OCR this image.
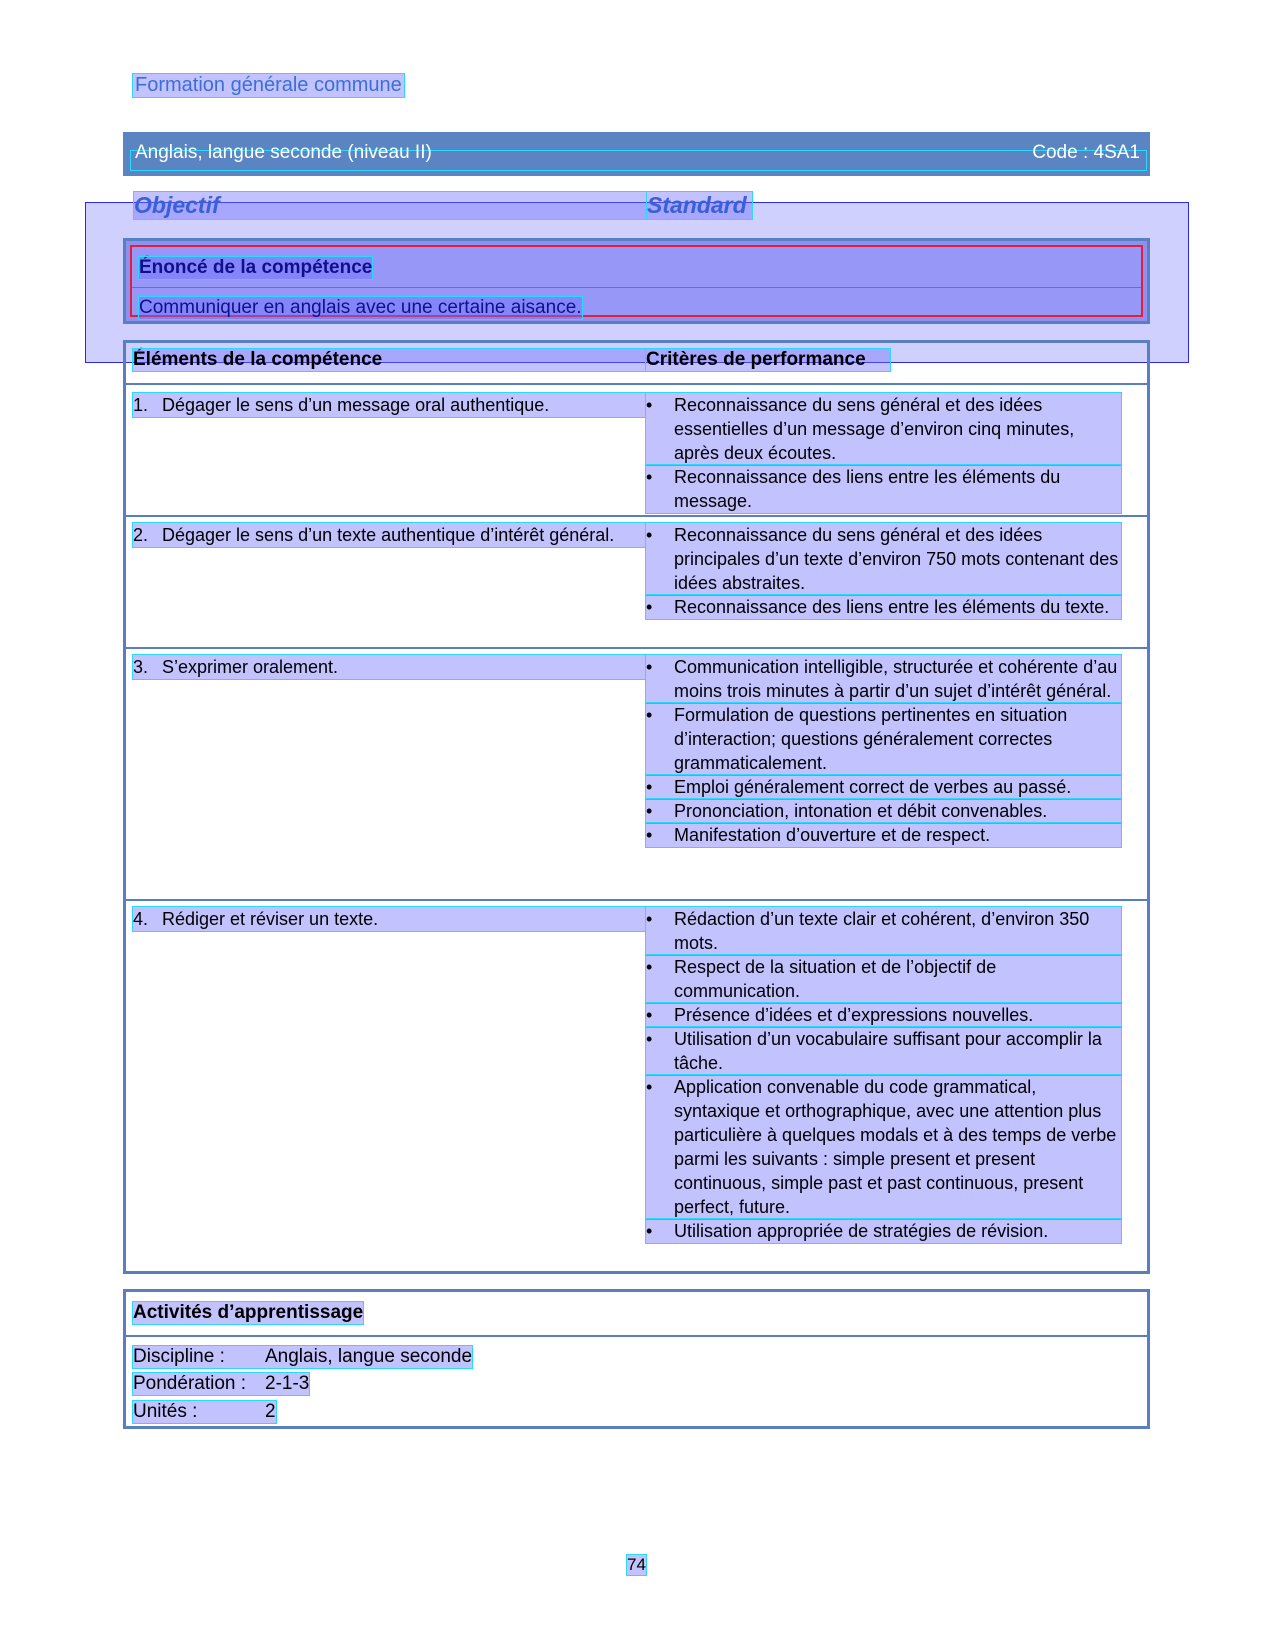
Formation générale commune
Anglais, langue seconde (niveau II)	Code : 4SA1
Objectif	Standard
Énoncé de la compétence
Communiquer en anglais avec une certaine aisance.
Éléments de la compétence	Critères de performance
1. Dégager le sens d’un message oral authentique.	•	Reconnaissance du sens général et des idées essentielles d’un message d’environ cinq minutes, après deux écoutes.
•	Reconnaissance des liens entre les éléments du message.
2. Dégager le sens d’un texte authentique d’intérêt général.	•	Reconnaissance du sens général et des idées principales d’un texte d’environ 750 mots contenant des idées abstraites.
•	Reconnaissance des liens entre les éléments du texte.
3. S’exprimer oralement.	•	Communication intelligible, structurée et cohérente d’au moins trois minutes à partir d’un sujet d’intérêt général.
•	Formulation de questions pertinentes en situation d’interaction; questions généralement correctes grammaticalement.
•	Emploi généralement correct de verbes au passé.
•	Prononciation, intonation et débit convenables.
•	Manifestation d’ouverture et de respect.
4. Rédiger et réviser un texte.	•	Rédaction d’un texte clair et cohérent, d’environ 350 mots.
•	Respect de la situation et de l’objectif de communication.
•	Présence d’idées et d’expressions nouvelles.
•	Utilisation d’un vocabulaire suffisant pour accomplir la tâche.
•	Application convenable du code grammatical, syntaxique et orthographique, avec une attention plus particulière à quelques modals et à des temps de verbe parmi les suivants : simple present et present continuous, simple past et past continuous, present perfect, future.
•	Utilisation appropriée de stratégies de révision.
Activités d’apprentissage
Discipline : Anglais, langue seconde
Pondération : 2-1-3
Unités :	2
74
